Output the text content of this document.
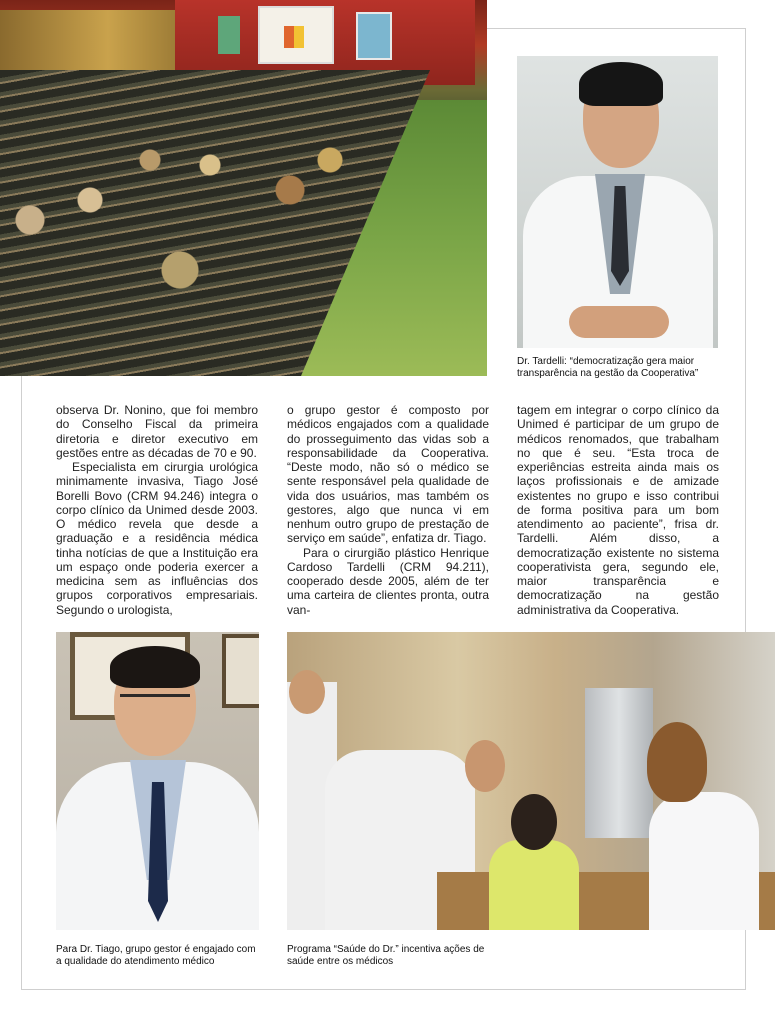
Dr. Tardelli: “democratização gera maior transparência na gestão da Cooperativa”

observa Dr. Nonino, que foi membro do Conselho Fiscal da primeira diretoria e diretor executivo em gestões entre as décadas de 70 e 90.

Especialista em cirurgia urológica minimamente invasiva, Tiago José Borelli Bovo (CRM 94.246) integra o corpo clínico da Unimed desde 2003. O médico revela que desde a graduação e a residência médica tinha notícias de que a Instituição era um espaço onde poderia exercer a medicina sem as influências dos grupos corporativos empresariais. Segundo o urologista,

o grupo gestor é composto por médicos engajados com a qualidade do prosseguimento das vidas sob a responsabilidade da Cooperativa. “Deste modo, não só o médico se sente responsável pela qualidade de vida dos usuários, mas também os gestores, algo que nunca vi em nenhum outro grupo de prestação de serviço em saúde”, enfatiza dr. Tiago.

Para o cirurgião plástico Henrique Cardoso Tardelli (CRM 94.211), cooperado desde 2005, além de ter uma carteira de clientes pronta, outra van-

tagem em integrar o corpo clínico da Unimed é participar de um grupo de médicos renomados, que trabalham no que é seu. “Esta troca de experiências estreita ainda mais os laços profissionais e de amizade existentes no grupo e isso contribui de forma positiva para um bom atendimento ao paciente”, frisa dr. Tardelli. Além disso, a democratização existente no sistema cooperativista gera, segundo ele, maior transparência e democratização na gestão administrativa da Cooperativa.

Para Dr. Tiago, grupo gestor é engajado com a qualidade do atendimento médico
Programa “Saúde do Dr.” incentiva ações de saúde entre os médicos
